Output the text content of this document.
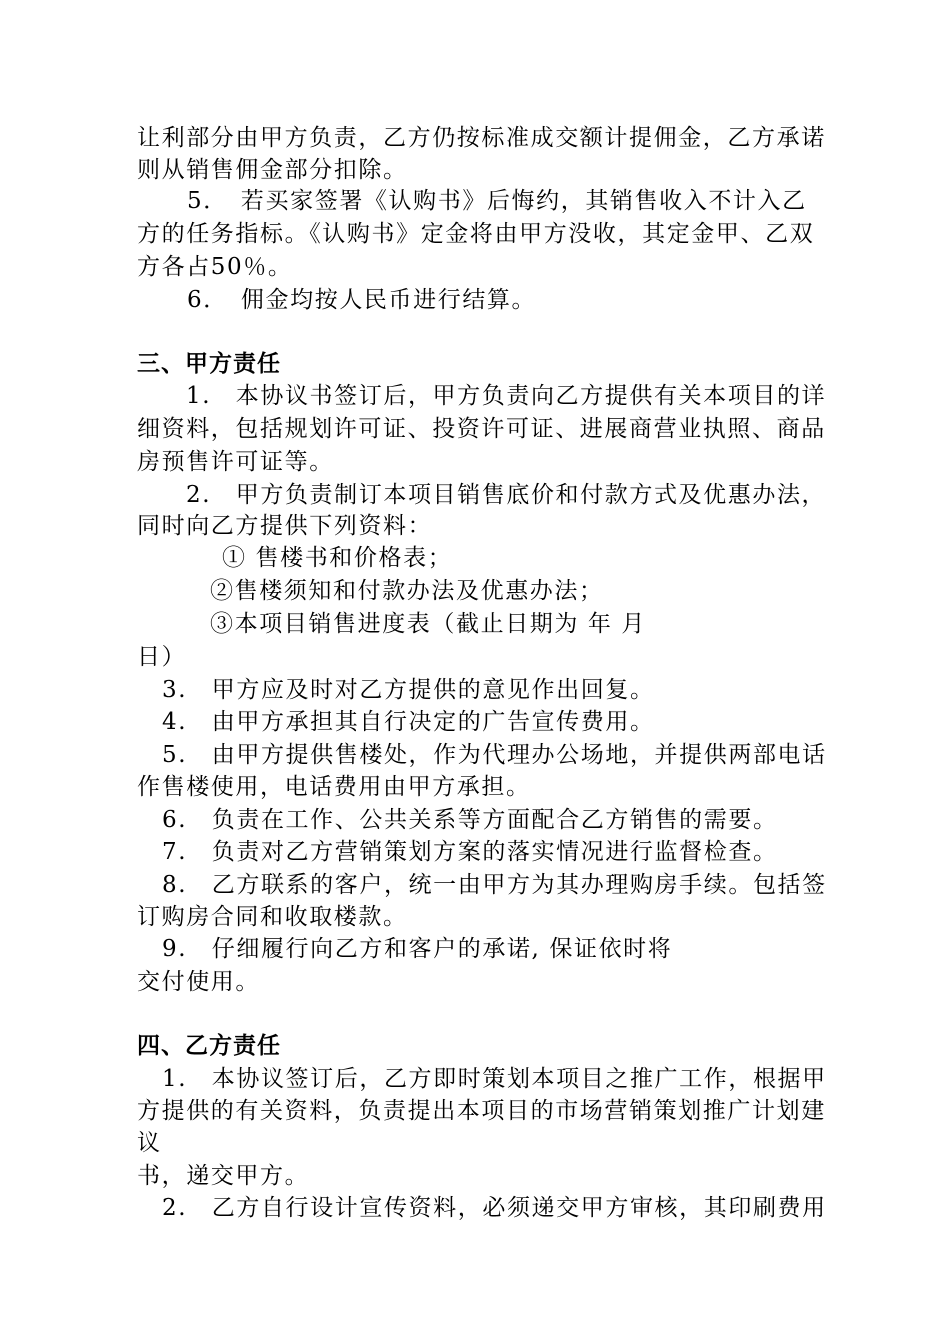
让利部分由甲方负责，乙方仍按标准成交额计提佣金，乙方承诺
则从销售佣金部分扣除。
5．　若买家签署《认购书》后悔约，其销售收入不计入乙
方的任务指标。《认购书》定金将由甲方没收，其定金甲、乙双
方各占50％。
6．　佣金均按人民币进行结算。
三、甲方责任
1.　本协议书签订后，甲方负责向乙方提供有关本项目的详
细资料，包括规划许可证、投资许可证、进展商营业执照、商品
房预售许可证等。
2.　甲方负责制订本项目销售底价和付款方式及优惠办法，
同时向乙方提供下列资料：
① 售楼书和价格表；
②售楼须知和付款办法及优惠办法；
③本项目销售进度表（截止日期为 年 月
日）
3.　甲方应及时对乙方提供的意见作出回复。
4.　由甲方承担其自行决定的广告宣传费用。
5.　由甲方提供售楼处，作为代理办公场地，并提供两部电话
作售楼使用，电话费用由甲方承担。
6.　负责在工作、公共关系等方面配合乙方销售的需要。
7.　负责对乙方营销策划方案的落实情况进行监督检查。
8.　乙方联系的客户，统一由甲方为其办理购房手续。包括签
订购房合同和收取楼款。
9.　仔细履行向乙方和客户的承诺, 保证依时将
交付使用。
四、乙方责任
1.　本协议签订后，乙方即时策划本项目之推广工作，根据甲
方提供的有关资料，负责提出本项目的市场营销策划推广计划建
议
书，递交甲方。
2.　乙方自行设计宣传资料，必须递交甲方审核，其印刷费用
